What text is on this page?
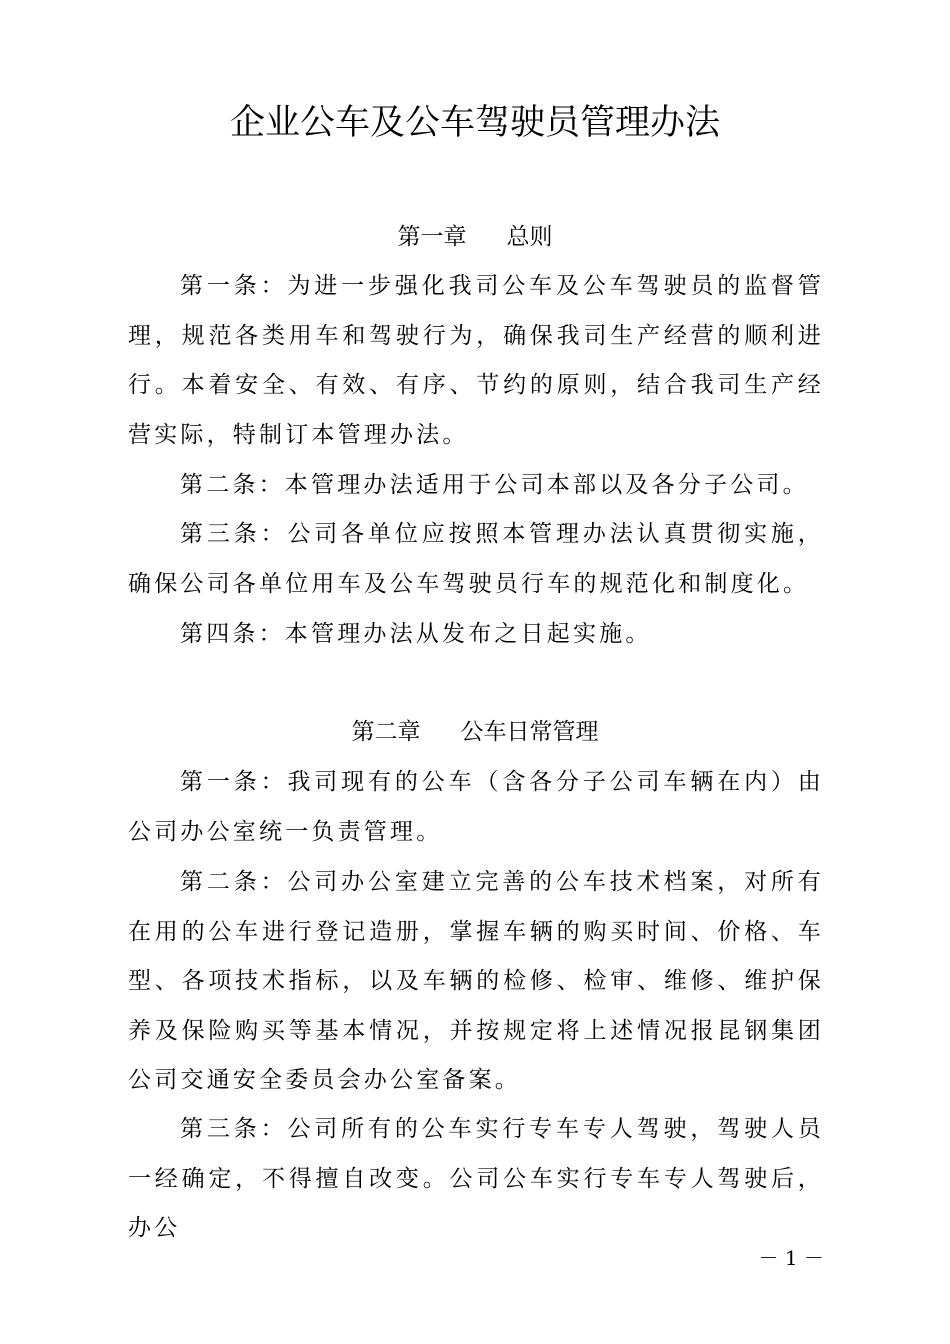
企业公车及公车驾驶员管理办法
第一章 总则

第一条：为进一步强化我司公车及公车驾驶员的监督管理，规范各类用车和驾驶行为，确保我司生产经营的顺利进行。本着安全、有效、有序、节约的原则，结合我司生产经营实际，特制订本管理办法。

第二条：本管理办法适用于公司本部以及各分子公司。

第三条：公司各单位应按照本管理办法认真贯彻实施，确保公司各单位用车及公车驾驶员行车的规范化和制度化。

第四条：本管理办法从发布之日起实施。

第二章 公车日常管理

第一条：我司现有的公车（含各分子公司车辆在内）由公司办公室统一负责管理。

第二条：公司办公室建立完善的公车技术档案，对所有在用的公车进行登记造册，掌握车辆的购买时间、价格、车型、各项技术指标，以及车辆的检修、检审、维修、维护保养及保险购买等基本情况，并按规定将上述情况报昆钢集团公司交通安全委员会办公室备案。

第三条：公司所有的公车实行专车专人驾驶，驾驶人员一经确定，不得擅自改变。公司公车实行专车专人驾驶后，办公

－ 1 －
